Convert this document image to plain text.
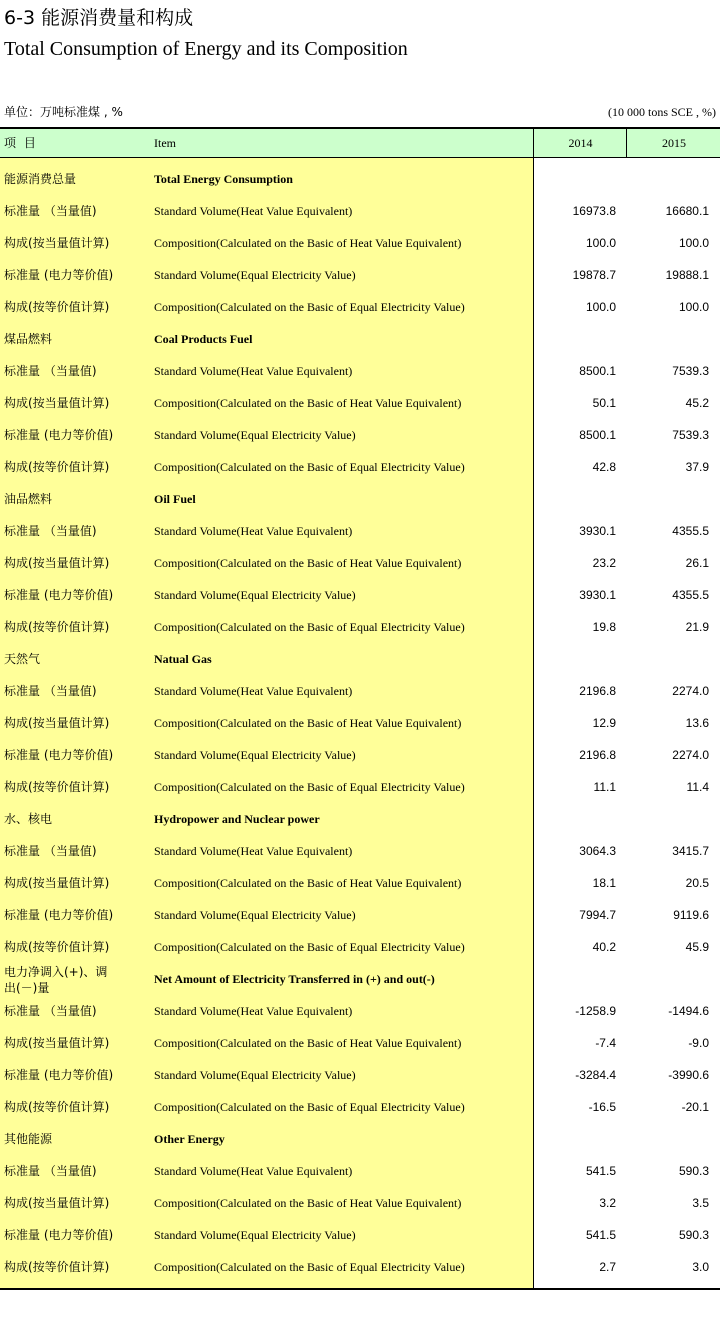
6-3 能源消费量和构成
Total Consumption of Energy and its Composition
单位：万吨标准煤 , %	(10 000 tons SCE , %)
项 目	Item	2014	2015
能源消费总量	Total Energy Consumption
标准量 （当量值)	Standard Volume(Heat Value Equivalent)	16973.8	16680.1
构成(按当量值计算)	Composition(Calculated on the Basic of Heat Value Equivalent)	100.0	100.0
标准量 (电力等价值)	Standard Volume(Equal Electricity Value)	19878.7	19888.1
构成(按等价值计算)	Composition(Calculated on the Basic of Equal Electricity Value)	100.0	100.0
煤品燃料	Coal Products Fuel
标准量 （当量值)	Standard Volume(Heat Value Equivalent)	8500.1	7539.3
构成(按当量值计算)	Composition(Calculated on the Basic of Heat Value Equivalent)	50.1	45.2
标准量 (电力等价值)	Standard Volume(Equal Electricity Value)	8500.1	7539.3
构成(按等价值计算)	Composition(Calculated on the Basic of Equal Electricity Value)	42.8	37.9
油品燃料	Oil Fuel
标准量 （当量值)	Standard Volume(Heat Value Equivalent)	3930.1	4355.5
构成(按当量值计算)	Composition(Calculated on the Basic of Heat Value Equivalent)	23.2	26.1
标准量 (电力等价值)	Standard Volume(Equal Electricity Value)	3930.1	4355.5
构成(按等价值计算)	Composition(Calculated on the Basic of Equal Electricity Value)	19.8	21.9
天然气	Natual Gas
标准量 （当量值)	Standard Volume(Heat Value Equivalent)	2196.8	2274.0
构成(按当量值计算)	Composition(Calculated on the Basic of Heat Value Equivalent)	12.9	13.6
标准量 (电力等价值)	Standard Volume(Equal Electricity Value)	2196.8	2274.0
构成(按等价值计算)	Composition(Calculated on the Basic of Equal Electricity Value)	11.1	11.4
水、核电	Hydropower and Nuclear power
标准量 （当量值)	Standard Volume(Heat Value Equivalent)	3064.3	3415.7
构成(按当量值计算)	Composition(Calculated on the Basic of Heat Value Equivalent)	18.1	20.5
标准量 (电力等价值)	Standard Volume(Equal Electricity Value)	7994.7	9119.6
构成(按等价值计算)	Composition(Calculated on the Basic of Equal Electricity Value)	40.2	45.9
电力净调入(+)、调出(－)量
Net Amount of Electricity Transferred in (+) and out(-)
标准量 （当量值)	Standard Volume(Heat Value Equivalent)	-1258.9	-1494.6
构成(按当量值计算)	Composition(Calculated on the Basic of Heat Value Equivalent)	-7.4	-9.0
标准量 (电力等价值)	Standard Volume(Equal Electricity Value)	-3284.4	-3990.6
构成(按等价值计算)	Composition(Calculated on the Basic of Equal Electricity Value)	-16.5	-20.1
其他能源	Other Energy
标准量 （当量值)	Standard Volume(Heat Value Equivalent)	541.5	590.3
构成(按当量值计算)	Composition(Calculated on the Basic of Heat Value Equivalent)	3.2	3.5
标准量 (电力等价值)	Standard Volume(Equal Electricity Value)	541.5	590.3
构成(按等价值计算)	Composition(Calculated on the Basic of Equal Electricity Value)	2.7	3.0
